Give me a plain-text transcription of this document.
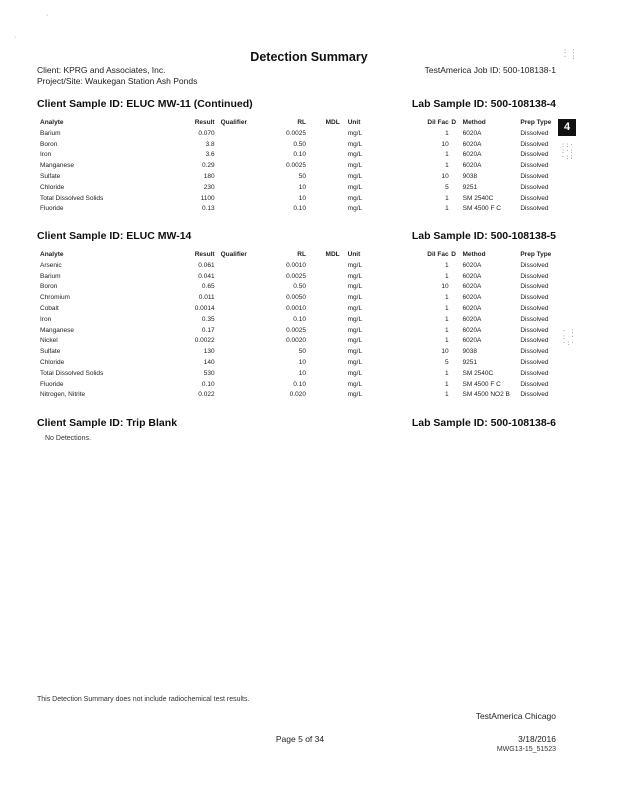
·
·
Detection Summary
Client: KPRG and Associates, Inc.
Project/Site: Waukegan Station Ash Ponds
TestAmerica Job ID: 500-108138-1
4
: :
· :
::·
:·:
·::
· :
: ·
·:·
Client Sample ID: ELUC MW-11 (Continued)	Lab Sample ID: 500-108138-4
Analyte	Result	Qualifier	RL	MDL	Unit	Dil Fac	D	Method	Prep Type
Barium	0.070		0.0025		mg/L	1		6020A	Dissolved
Boron	3.8		0.50		mg/L	10		6020A	Dissolved
Iron	3.6		0.10		mg/L	1		6020A	Dissolved
Manganese	0.29		0.0025		mg/L	1		6020A	Dissolved
Sulfate	180		50		mg/L	10		9038	Dissolved
Chloride	230		10		mg/L	5		9251	Dissolved
Total Dissolved Solids	1100		10		mg/L	1		SM 2540C	Dissolved
Fluoride	0.13		0.10		mg/L	1		SM 4500 F C	Dissolved
Client Sample ID: ELUC MW-14	Lab Sample ID: 500-108138-5
Analyte	Result	Qualifier	RL	MDL	Unit	Dil Fac	D	Method	Prep Type
Arsenic	0.061		0.0010		mg/L	1		6020A	Dissolved
Barium	0.041		0.0025		mg/L	1		6020A	Dissolved
Boron	0.65		0.50		mg/L	10		6020A	Dissolved
Chromium	0.011		0.0050		mg/L	1		6020A	Dissolved
Cobalt	0.0014		0.0010		mg/L	1		6020A	Dissolved
Iron	0.35		0.10		mg/L	1		6020A	Dissolved
Manganese	0.17		0.0025		mg/L	1		6020A	Dissolved
Nickel	0.0022		0.0020		mg/L	1		6020A	Dissolved
Sulfate	130		50		mg/L	10		9038	Dissolved
Chloride	140		10		mg/L	5		9251	Dissolved
Total Dissolved Solids	530		10		mg/L	1		SM 2540C	Dissolved
Fluoride	0.10		0.10		mg/L	1		SM 4500 F C	Dissolved
Nitrogen, Nitrite	0.022		0.020		mg/L	1		SM 4500 NO2 B	Dissolved
Client Sample ID: Trip Blank	Lab Sample ID: 500-108138-6
No Detections.
This Detection Summary does not include radiochemical test results.
TestAmerica Chicago
Page 5 of 34	3/18/2016
MWG13-15_51523
